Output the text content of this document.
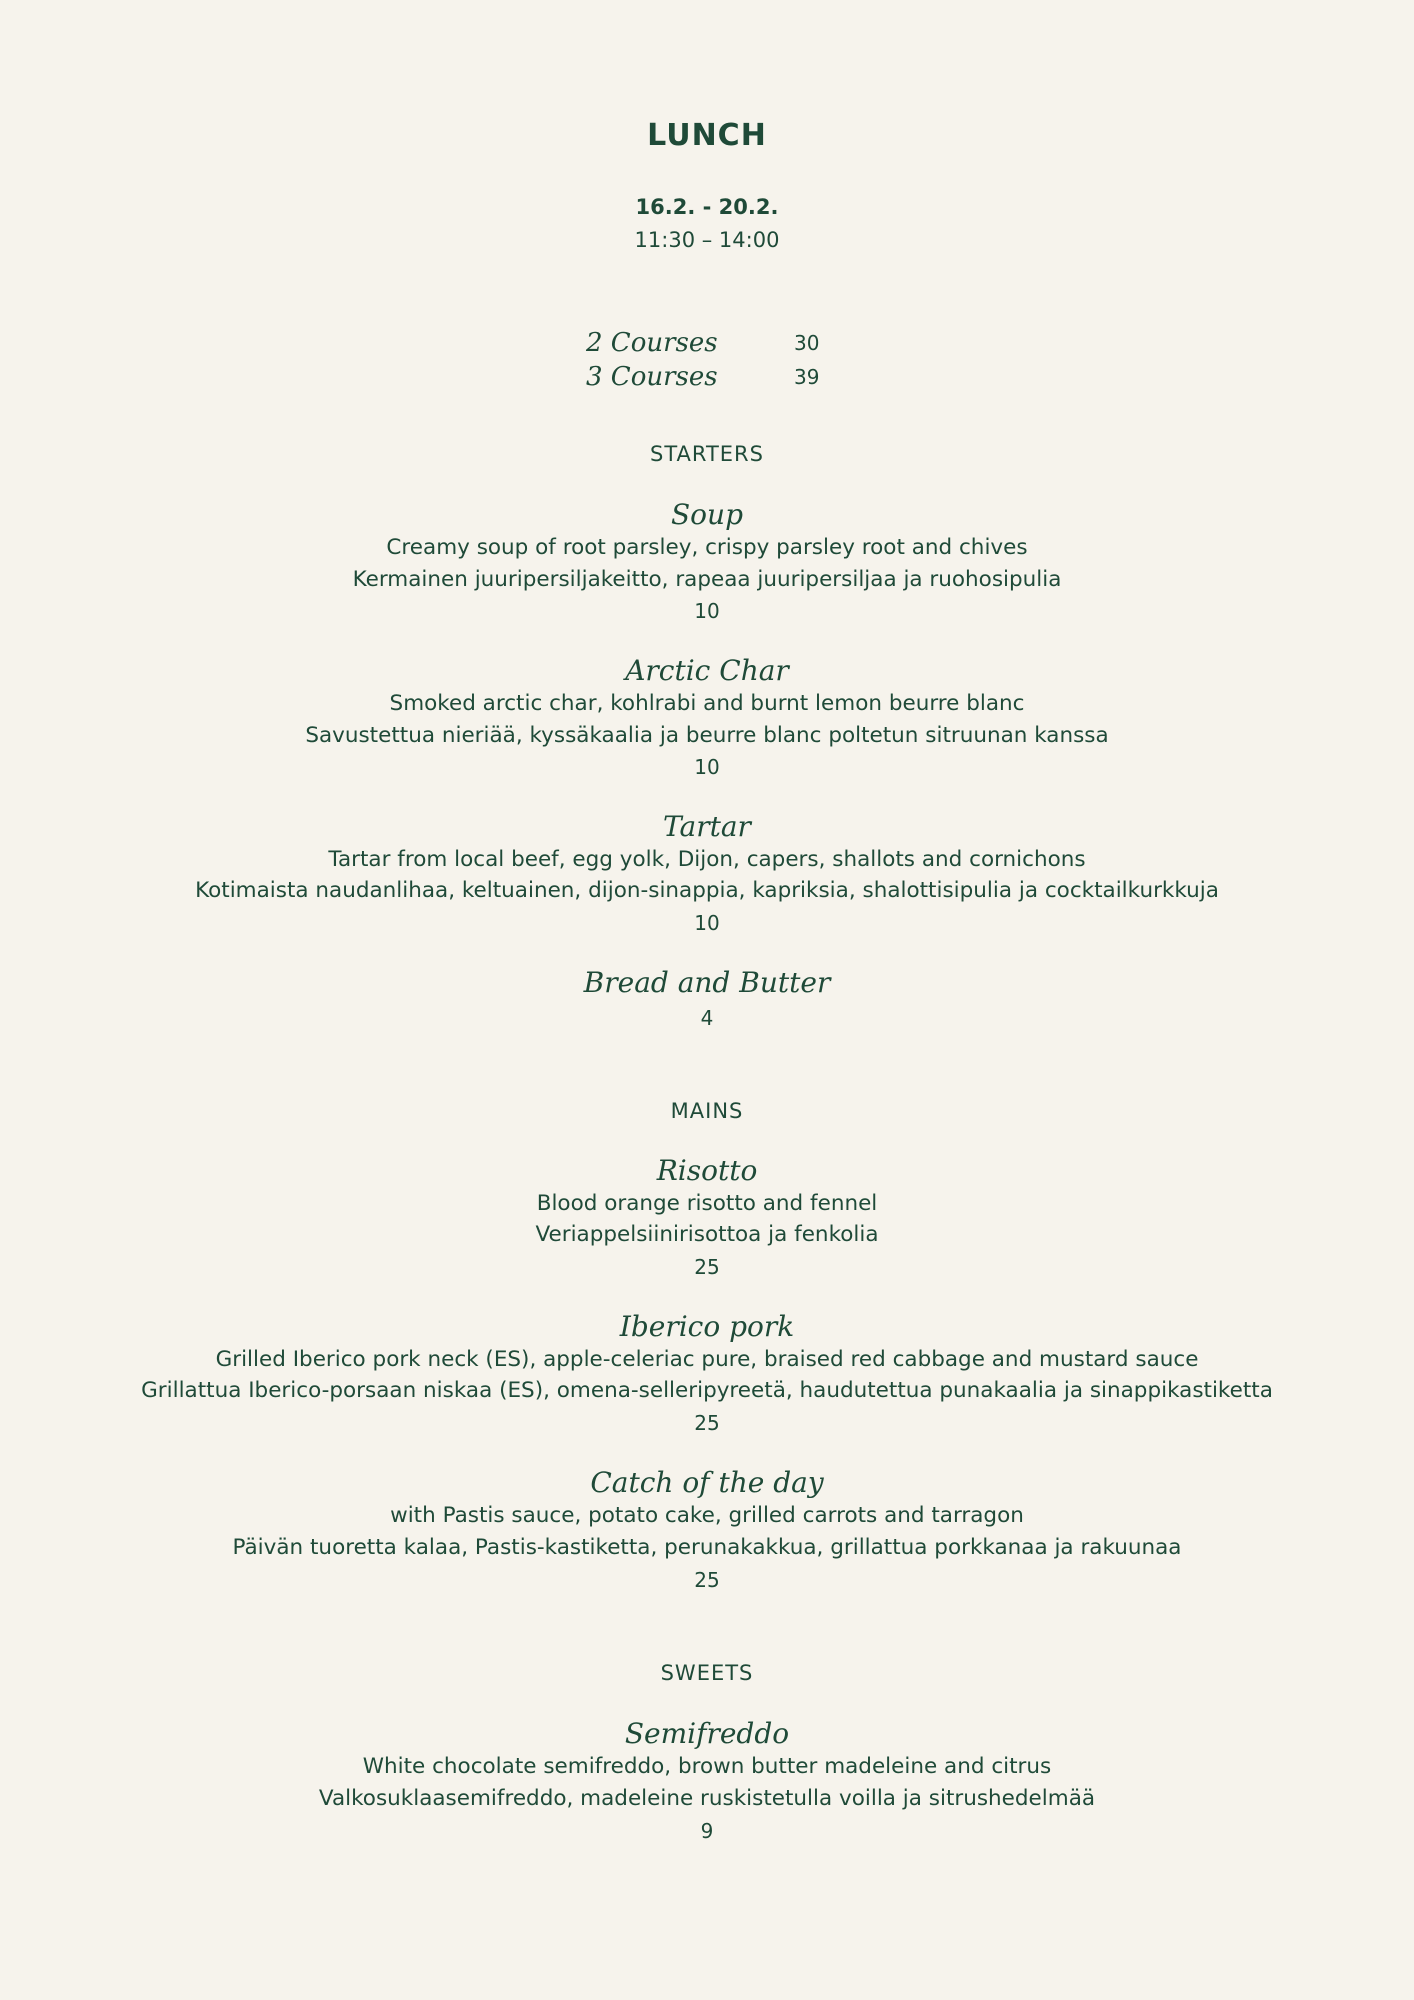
LUNCH
16.2. - 20.2.
11:30 – 14:00
2 Courses	30
3 Courses	39
STARTERS
Soup
Creamy soup of root parsley, crispy parsley root and chives
Kermainen juuripersiljakeitto, rapeaa juuripersiljaa ja ruohosipulia
10
Arctic Char
Smoked arctic char, kohlrabi and burnt lemon beurre blanc
Savustettua nieriää, kyssäkaalia ja beurre blanc poltetun sitruunan kanssa
10
Tartar
Tartar from local beef, egg yolk, Dijon, capers, shallots and cornichons
Kotimaista naudanlihaa, keltuainen, dijon-sinappia, kapriksia, shalottisipulia ja cocktailkurkkuja
10
Bread and Butter
4
MAINS
Risotto
Blood orange risotto and fennel
Veriappelsiinirisottoa ja fenkolia
25
Iberico pork
Grilled Iberico pork neck (ES), apple-celeriac pure, braised red cabbage and mustard sauce
Grillattua Iberico-porsaan niskaa (ES), omena-selleripyreetä, haudutettua punakaalia ja sinappikastiketta
25
Catch of the day
with Pastis sauce, potato cake, grilled carrots and tarragon
Päivän tuoretta kalaa, Pastis-kastiketta, perunakakkua, grillattua porkkanaa ja rakuunaa
25
SWEETS
Semifreddo
White chocolate semifreddo, brown butter madeleine and citrus
Valkosuklaasemifreddo, madeleine ruskistetulla voilla ja sitrushedelmää
9
